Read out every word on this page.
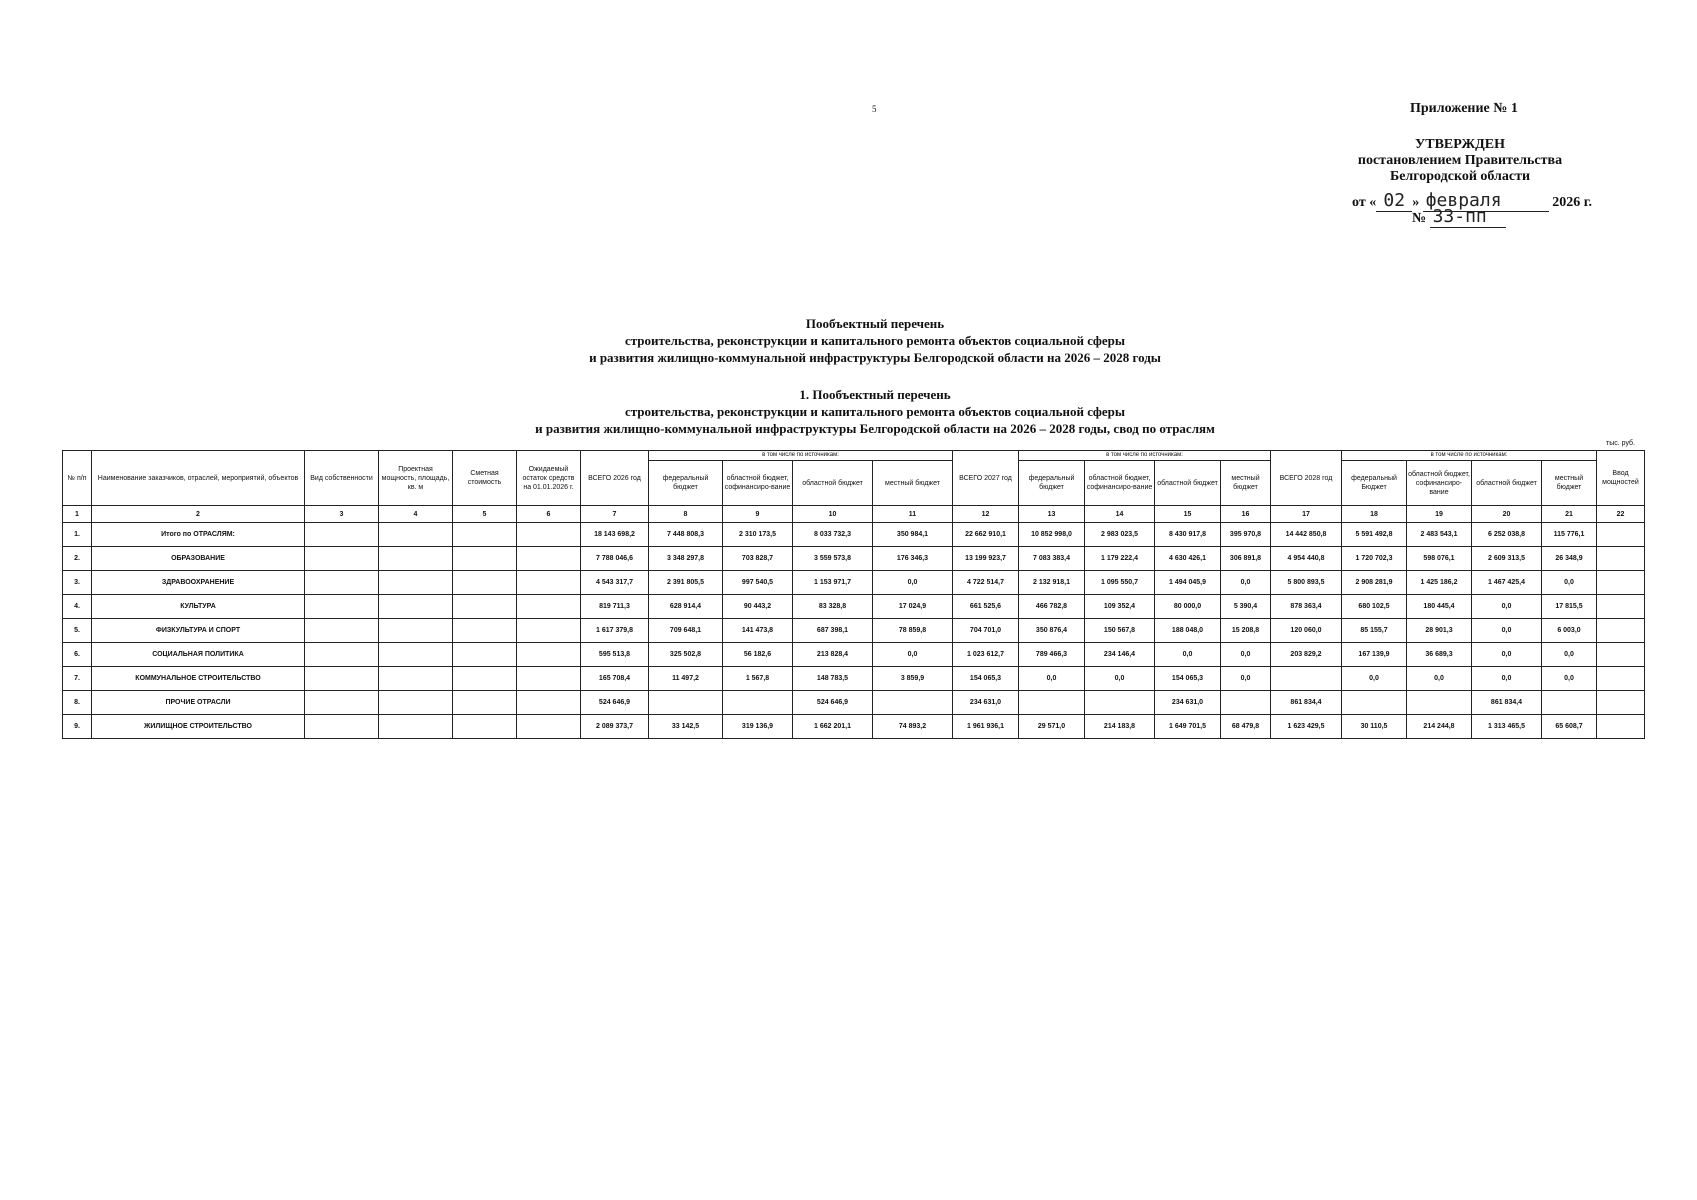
5	Приложение № 1
УТВЕРЖДЕН
постановлением Правительства
Белгородской области
от « 02 » февраля	2026 г.
№ 33-пп
Пообъектный перечень
строительства, реконструкции и капитального ремонта объектов социальной сферы
и развития жилищно-коммунальной инфраструктуры Белгородской области на 2026 – 2028 годы
1. Пообъектный перечень
строительства, реконструкции и капитального ремонта объектов социальной сферы
и развития жилищно-коммунальной инфраструктуры Белгородской области на 2026 – 2028 годы, свод по отраслям
тыс. руб.
№ п/п	Наименование заказчиков, отраслей, мероприятий, объектов	Вид собственности	Проектная мощность, площадь, кв. м	Сметная стоимость	Ожидаемый остаток средств на 01.01.2026 г.	ВСЕГО 2026 год	в том числе по источникам:				ВСЕГО 2027 год	в том числе по источникам:				ВСЕГО 2028 год	в том числе по источникам:				Ввод мощностей
							федеральный бюджет	областной бюджет, софинансиро-вание	областной бюджет	местный бюджет		федеральный бюджет	областной бюджет, софинансиро-вание	областной бюджет	местный бюджет		федеральный Бюджет	областной бюджет, софинансиро-вание	областной бюджет	местный бюджет	
1	2	3	4	5	6	7	8	9	10	11	12	13	14	15	16	17	18	19	20	21	22
1.	Итого по ОТРАСЛЯМ:					18 143 698,2	7 448 808,3	2 310 173,5	8 033 732,3	350 984,1	22 662 910,1	10 852 998,0	2 983 023,5	8 430 917,8	395 970,8	14 442 850,8	5 591 492,8	2 483 543,1	6 252 038,8	115 776,1	
2.	ОБРАЗОВАНИЕ					7 788 046,6	3 348 297,8	703 828,7	3 559 573,8	176 346,3	13 199 923,7	7 083 383,4	1 179 222,4	4 630 426,1	306 891,8	4 954 440,8	1 720 702,3	598 076,1	2 609 313,5	26 348,9	
3.	ЗДРАВООХРАНЕНИЕ					4 543 317,7	2 391 805,5	997 540,5	1 153 971,7	0,0	4 722 514,7	2 132 918,1	1 095 550,7	1 494 045,9	0,0	5 800 893,5	2 908 281,9	1 425 186,2	1 467 425,4	0,0	
4.	КУЛЬТУРА					819 711,3	628 914,4	90 443,2	83 328,8	17 024,9	661 525,6	466 782,8	109 352,4	80 000,0	5 390,4	878 363,4	680 102,5	180 445,4	0,0	17 815,5	
5.	ФИЗКУЛЬТУРА И СПОРТ					1 617 379,8	709 648,1	141 473,8	687 398,1	78 859,8	704 701,0	350 876,4	150 567,8	188 048,0	15 208,8	120 060,0	85 155,7	28 901,3	0,0	6 003,0	
6.	СОЦИАЛЬНАЯ ПОЛИТИКА					595 513,8	325 502,8	56 182,6	213 828,4	0,0	1 023 612,7	789 466,3	234 146,4	0,0	0,0	203 829,2	167 139,9	36 689,3	0,0	0,0	
7.	КОММУНАЛЬНОЕ СТРОИТЕЛЬСТВО					165 708,4	11 497,2	1 567,8	148 783,5	3 859,9	154 065,3	0,0	0,0	154 065,3	0,0		0,0	0,0	0,0	0,0	
8.	ПРОЧИЕ ОТРАСЛИ					524 646,9			524 646,9		234 631,0			234 631,0		861 834,4			861 834,4		
9.	ЖИЛИЩНОЕ СТРОИТЕЛЬСТВО					2 089 373,7	33 142,5	319 136,9	1 662 201,1	74 893,2	1 961 936,1	29 571,0	214 183,8	1 649 701,5	68 479,8	1 623 429,5	30 110,5	214 244,8	1 313 465,5	65 608,7	
